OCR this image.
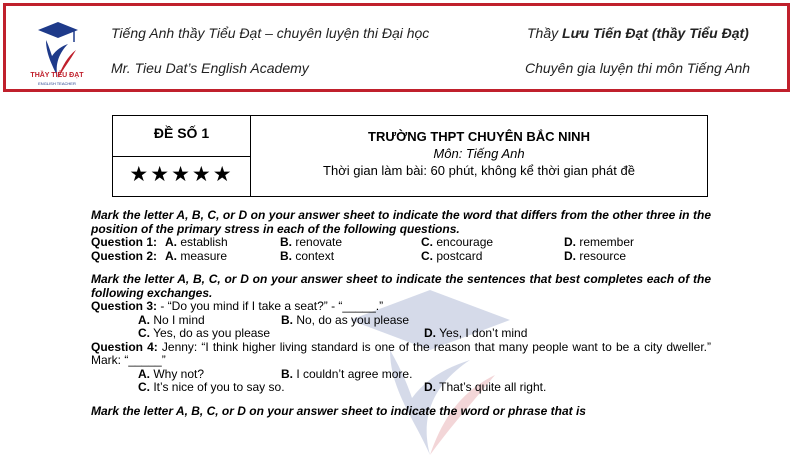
THẦY TIỂU ĐẠT
ENGLISH TEACHER
Tiếng Anh thầy Tiểu Đạt – chuyên luyện thi Đại học
Mr. Tieu Dat’s English Academy
Thầy Lưu Tiến Đạt (thầy Tiểu Đạt)
Chuyên gia luyện thi môn Tiếng Anh
ĐỀ SỐ 1
★★★★★
TRƯỜNG THPT CHUYÊN BẮC NINH
Môn: Tiếng Anh
Thời gian làm bài: 60 phút, không kể thời gian phát đề
Mark the letter A, B, C, or D on your answer sheet to indicate the word that differs from the other three in the position of the primary stress in each of the following questions.
Question 1: A. establish	B. renovate	C. encourage	D. remember
Question 2: A. measure	B. context	C. postcard	D. resource
Mark the letter A, B, C, or D on your answer sheet to indicate the sentences that best completes each of the following exchanges.
Question 3: - “Do you mind if I take a seat?” - “_____.”
A. No I mind	B. No, do as you please
C. Yes, do as you please	D. Yes, I don’t mind
Question 4: Jenny: “I think higher living standard is one of the reason that many people want to be a city dweller.” Mark: “_____”
A. Why not?	B. I couldn’t agree more.
C. It’s nice of you to say so.	D. That’s quite all right.
Mark the letter A, B, C, or D on your answer sheet to indicate the word or phrase that is
